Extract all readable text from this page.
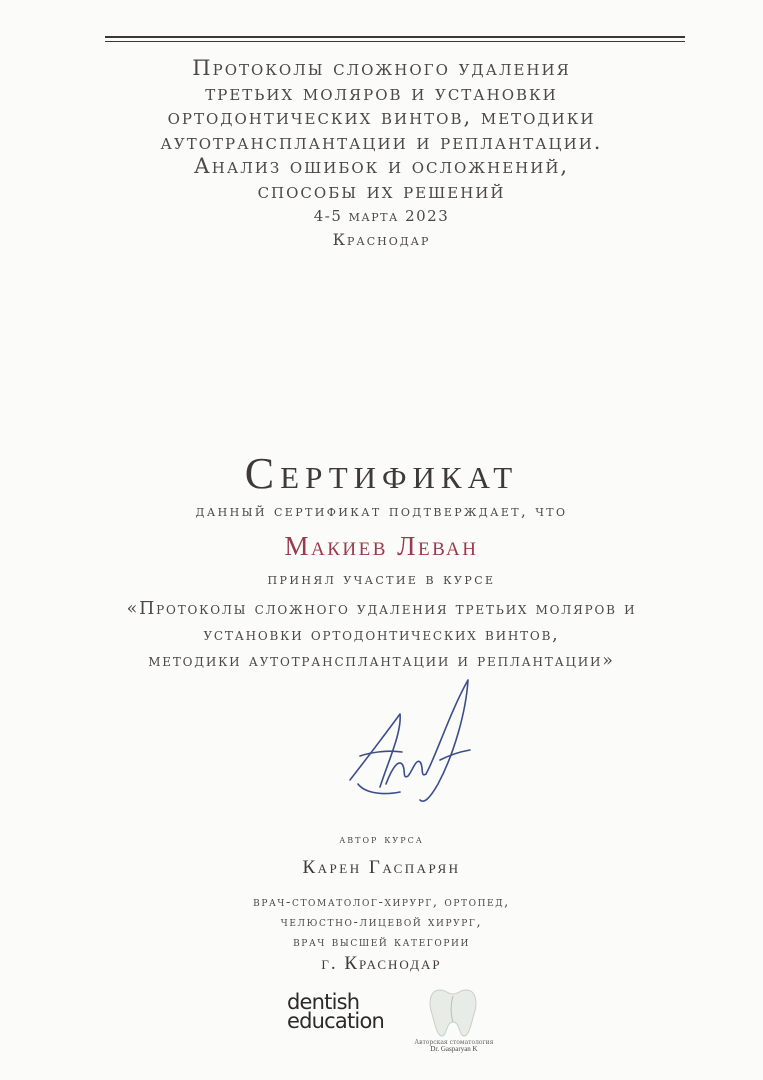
Протоколы сложного удаления
третьих моляров и установки
ортодонтических винтов, методики
аутотрансплантации и реплантации.
Анализ ошибок и осложнений,
способы их решений
4-5 марта 2023
Краснодар
Сертификат
данный сертификат подтверждает, что
Макиев Леван
принял участие в курсе
«Протоколы сложного удаления третьих моляров и
установки ортодонтических винтов,
методики аутотрансплантации и реплантации»
автор курса
Карен Гаспарян
врач-стоматолог-хирург, ортопед,
челюстно-лицевой хирург,
врач высшей категории
г. Краснодар
dentish
education
Авторская стоматология
Dr. Gasparyan K
